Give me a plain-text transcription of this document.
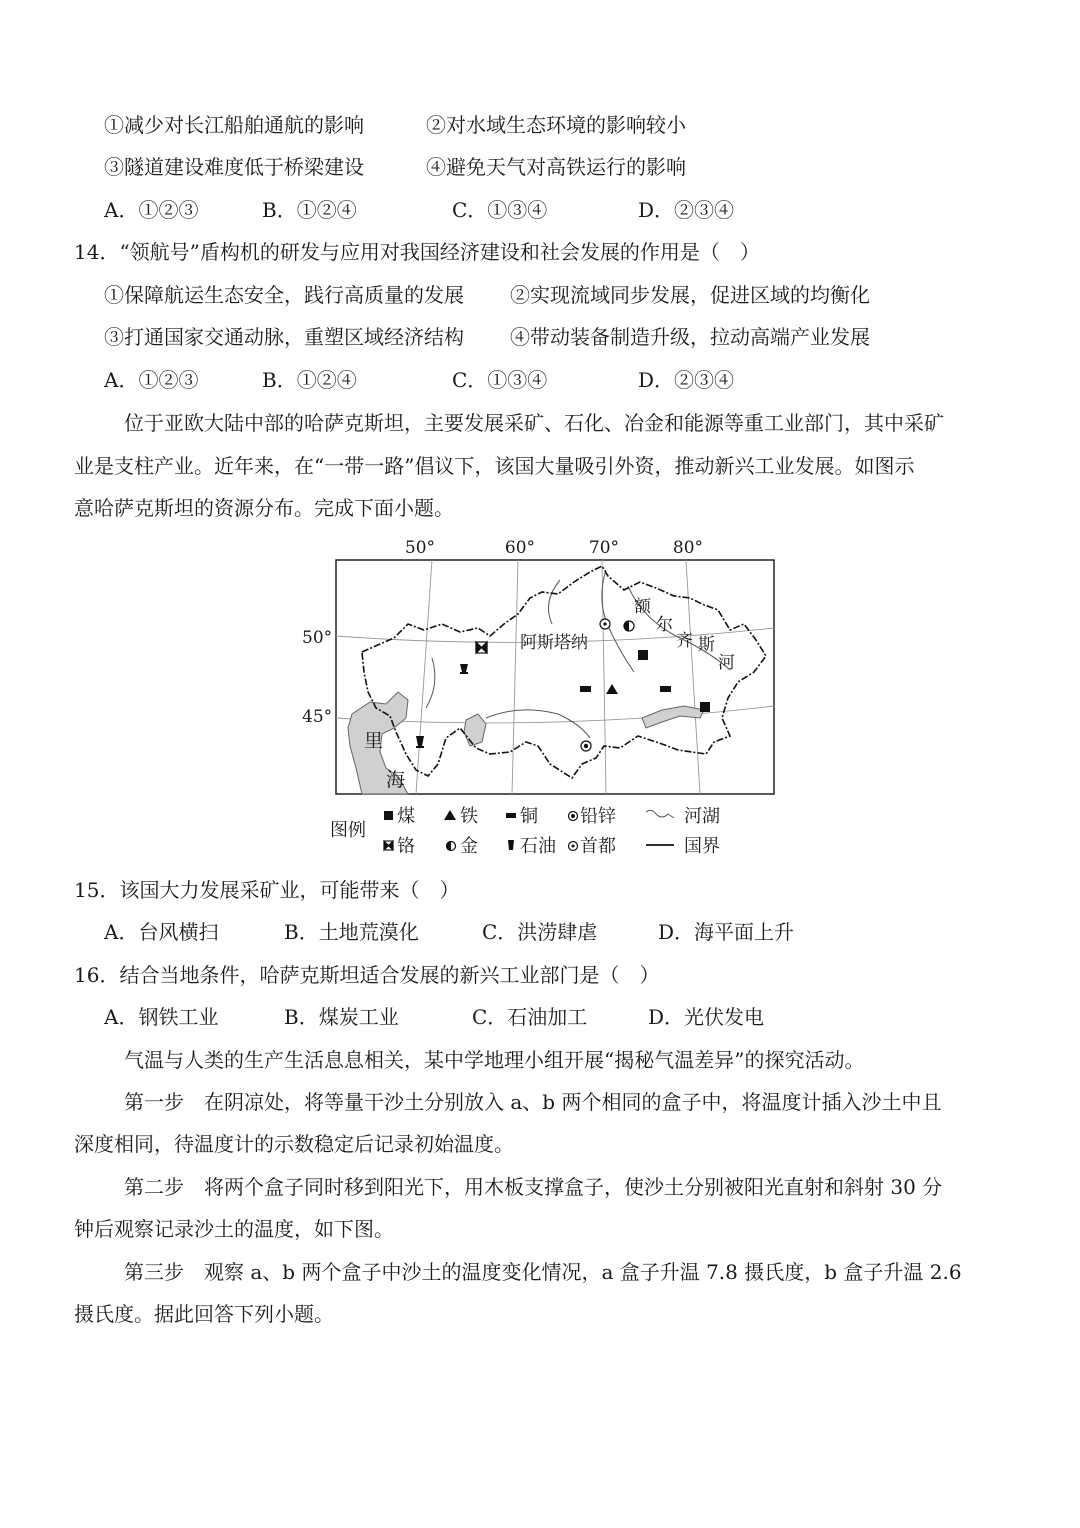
①减少对长江船舶通航的影响	②对水域生态环境的影响较小
③隧道建设难度低于桥梁建设	④避免天气对高铁运行的影响
A．①②③	B．①②④	C．①③④	D．②③④
14．“领航号”盾构机的研发与应用对我国经济建设和社会发展的作用是（　）
①保障航运生态安全，践行高质量的发展 ②实现流域同步发展，促进区域的均衡化
③打通国家交通动脉，重塑区域经济结构 ④带动装备制造升级，拉动高端产业发展
A．①②③	B．①②④	C．①③④	D．②③④
位于亚欧大陆中部的哈萨克斯坦，主要发展采矿、石化、冶金和能源等重工业部门，其中采矿
业是支柱产业。近年来，在“一带一路”倡议下，该国大量吸引外资，推动新兴工业发展。如图示
意哈萨克斯坦的资源分布。完成下面小题。
50°	60°	70°	80°
50°
45°
里
海
阿斯塔纳
额
尔
齐 斯
河
图例
煤	铁 铜 铅锌	河湖
铬	金 石油 首都	国界
15．该国大力发展采矿业，可能带来（　）
A．台风横扫	B．土地荒漠化	C．洪涝肆虐	D．海平面上升
16．结合当地条件，哈萨克斯坦适合发展的新兴工业部门是（　）
A．钢铁工业	B．煤炭工业	C．石油加工	D．光伏发电
气温与人类的生产生活息息相关，某中学地理小组开展“揭秘气温差异”的探究活动。
第一步　在阴凉处，将等量干沙土分别放入 a、b 两个相同的盒子中，将温度计插入沙土中且
深度相同，待温度计的示数稳定后记录初始温度。
第二步　将两个盒子同时移到阳光下，用木板支撑盒子，使沙土分别被阳光直射和斜射 30 分
钟后观察记录沙土的温度，如下图。
第三步　观察 a、b 两个盒子中沙土的温度变化情况，a 盒子升温 7.8 摄氏度，b 盒子升温 2.6
摄氏度。据此回答下列小题。
